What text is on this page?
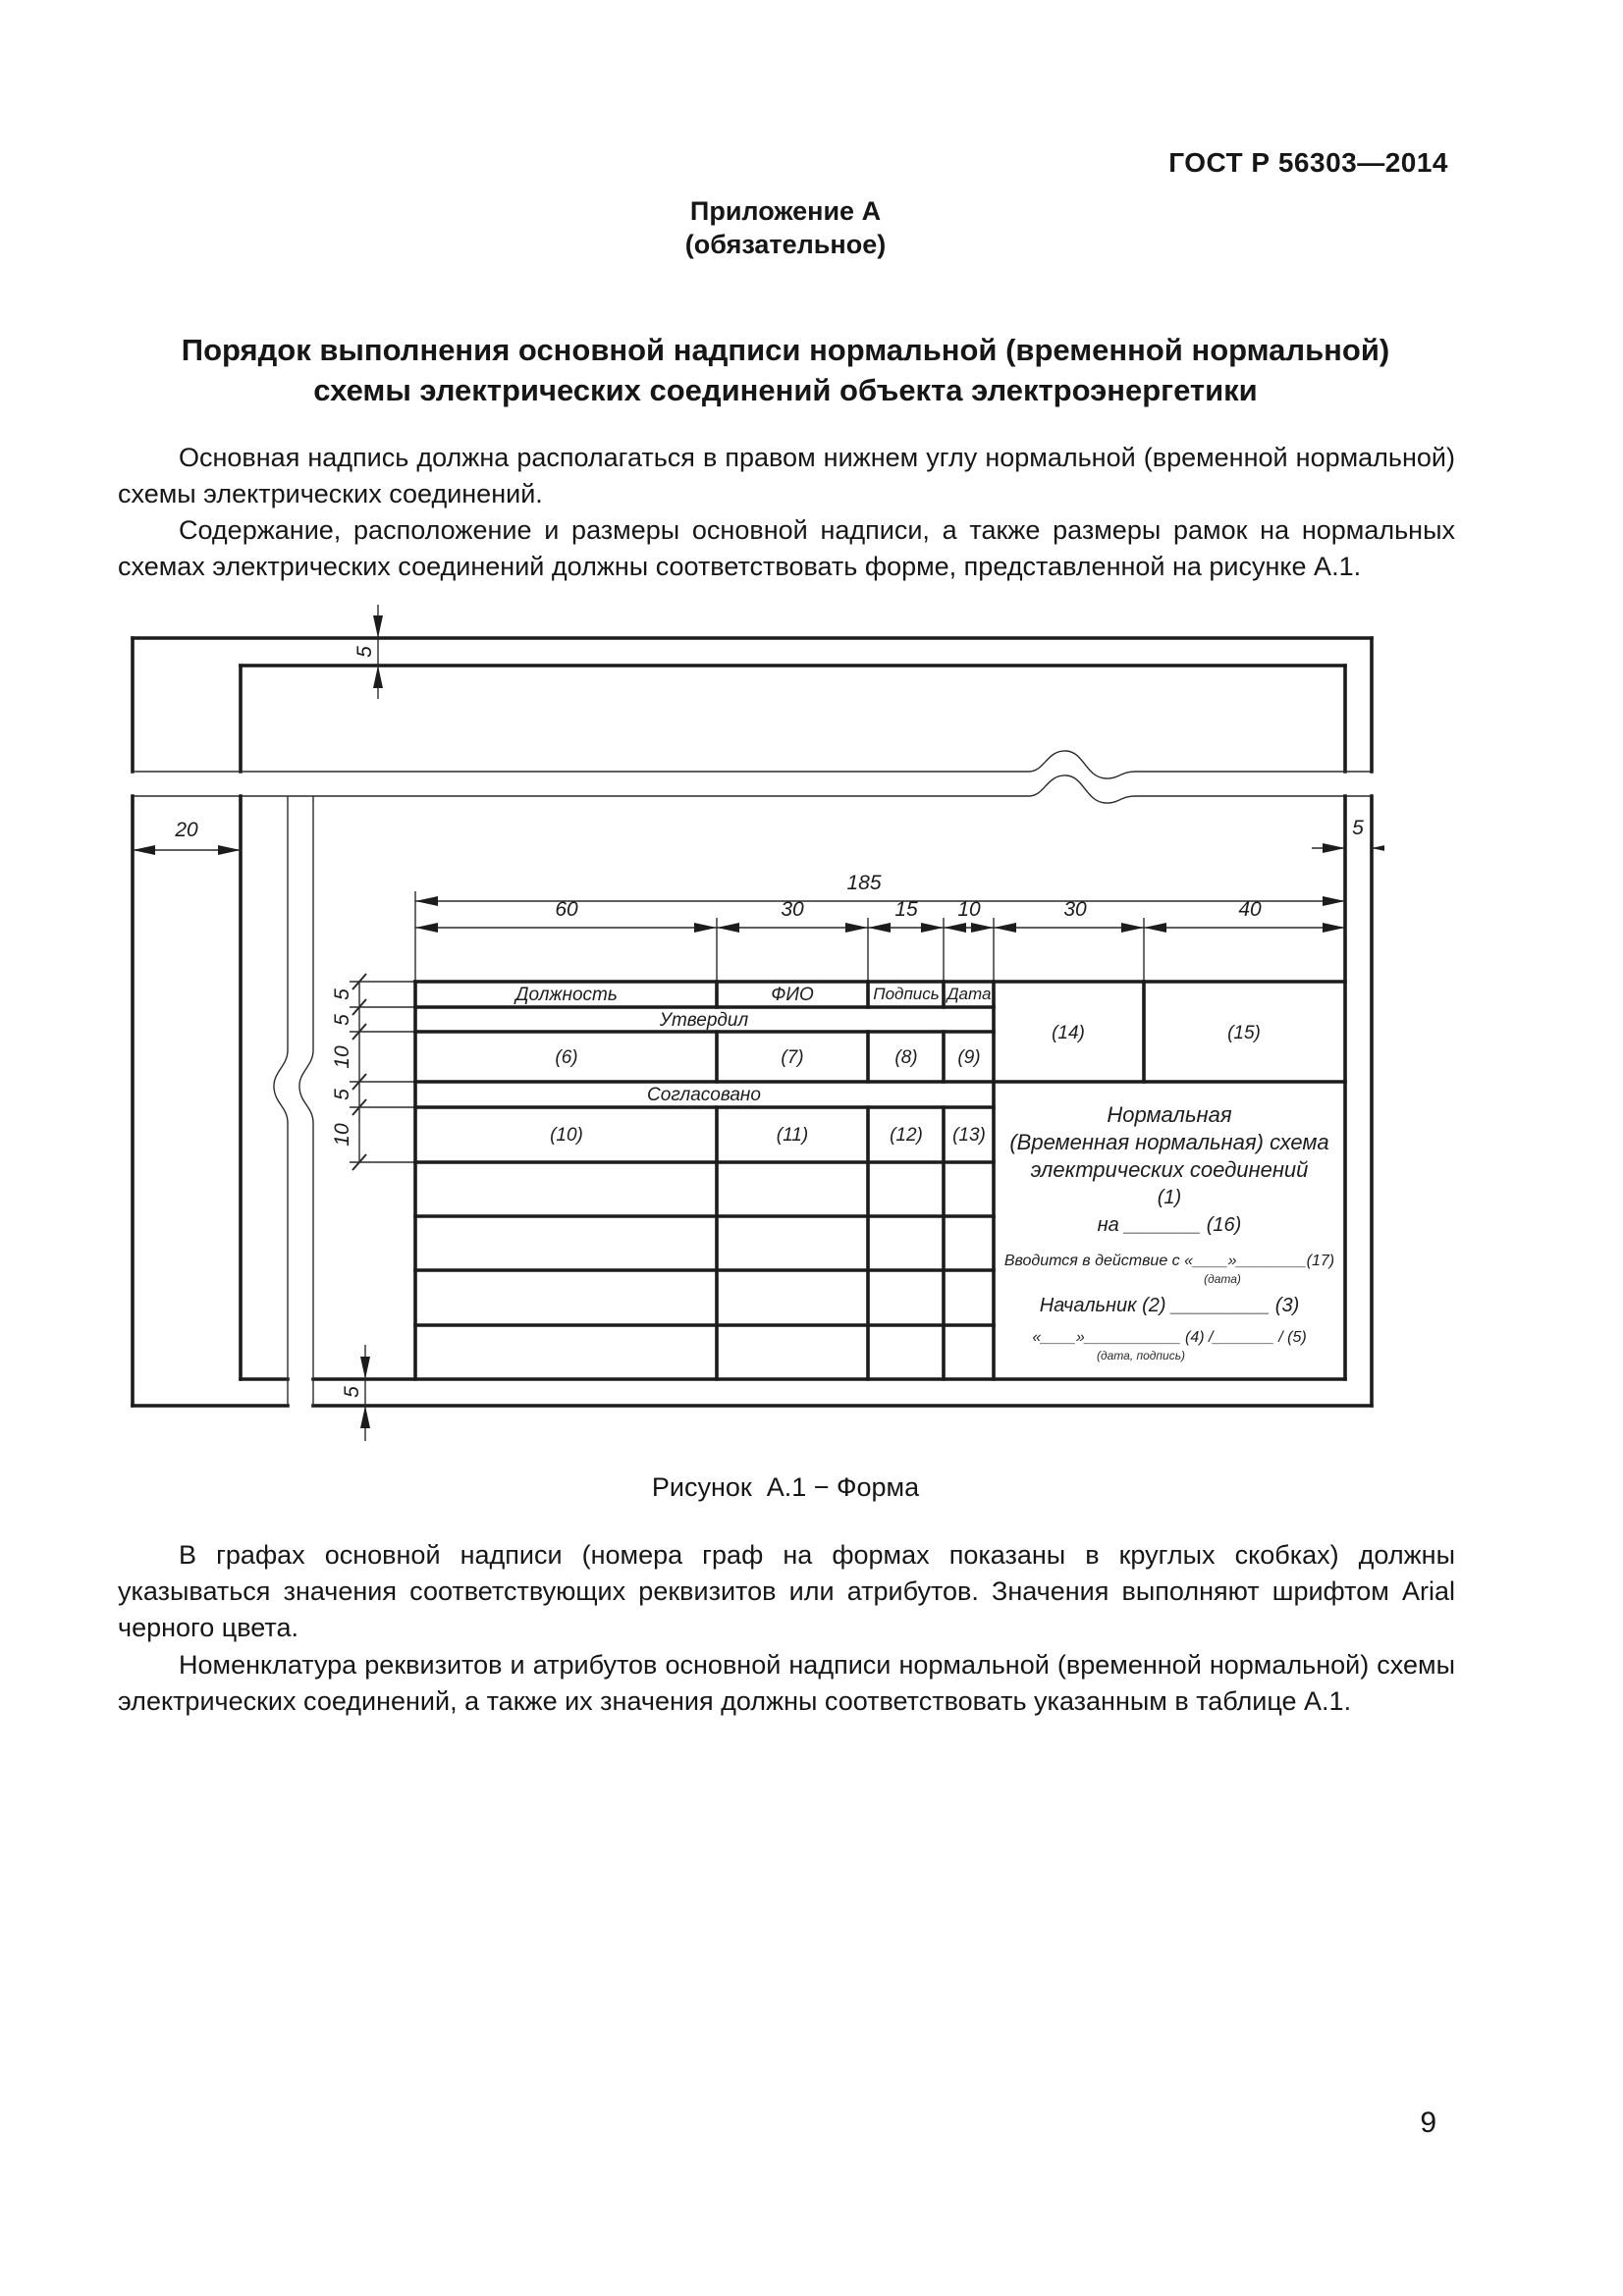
ГОСТ Р 56303—2014
Приложение А
(обязательное)
Порядок выполнения основной надписи нормальной (временной нормальной)
схемы электрических соединений объекта электроэнергетики
Основная надпись должна располагаться в правом нижнем углу нормальной (временной нормальной) схемы электрических соединений.
Содержание, расположение и размеры основной надписи, а также размеры рамок на нормальных схемах электрических соединений должны соответствовать форме, представленной на рисунке А.1.
5
20	5
5
185
60	30	15 10	30	40
5
5
10
5
10
Должность	ФИО	Подпись Дата
Утвердил
(6)	(7)	(8) (9)
Согласовано
(10)	(11)	(12) (13)
(14)	(15)
Нормальная
(Временная нормальная) схема
электрических соединений
(1)
на _______ (16)
Вводится в действие с «____»________(17)
(дата)
Начальник (2) _________ (3)
«____»___________ (4) /_______ / (5)
(дата, подпись)
Рисунок  А.1 − Форма
В графах основной надписи (номера граф на формах показаны в круглых скобках) должны указываться значения соответствующих реквизитов или атрибутов. Значения выполняют шрифтом Arial черного цвета.
Номенклатура реквизитов и атрибутов основной надписи нормальной (временной нормальной) схемы электрических соединений, а также их значения должны соответствовать указанным в таблице А.1.
9
